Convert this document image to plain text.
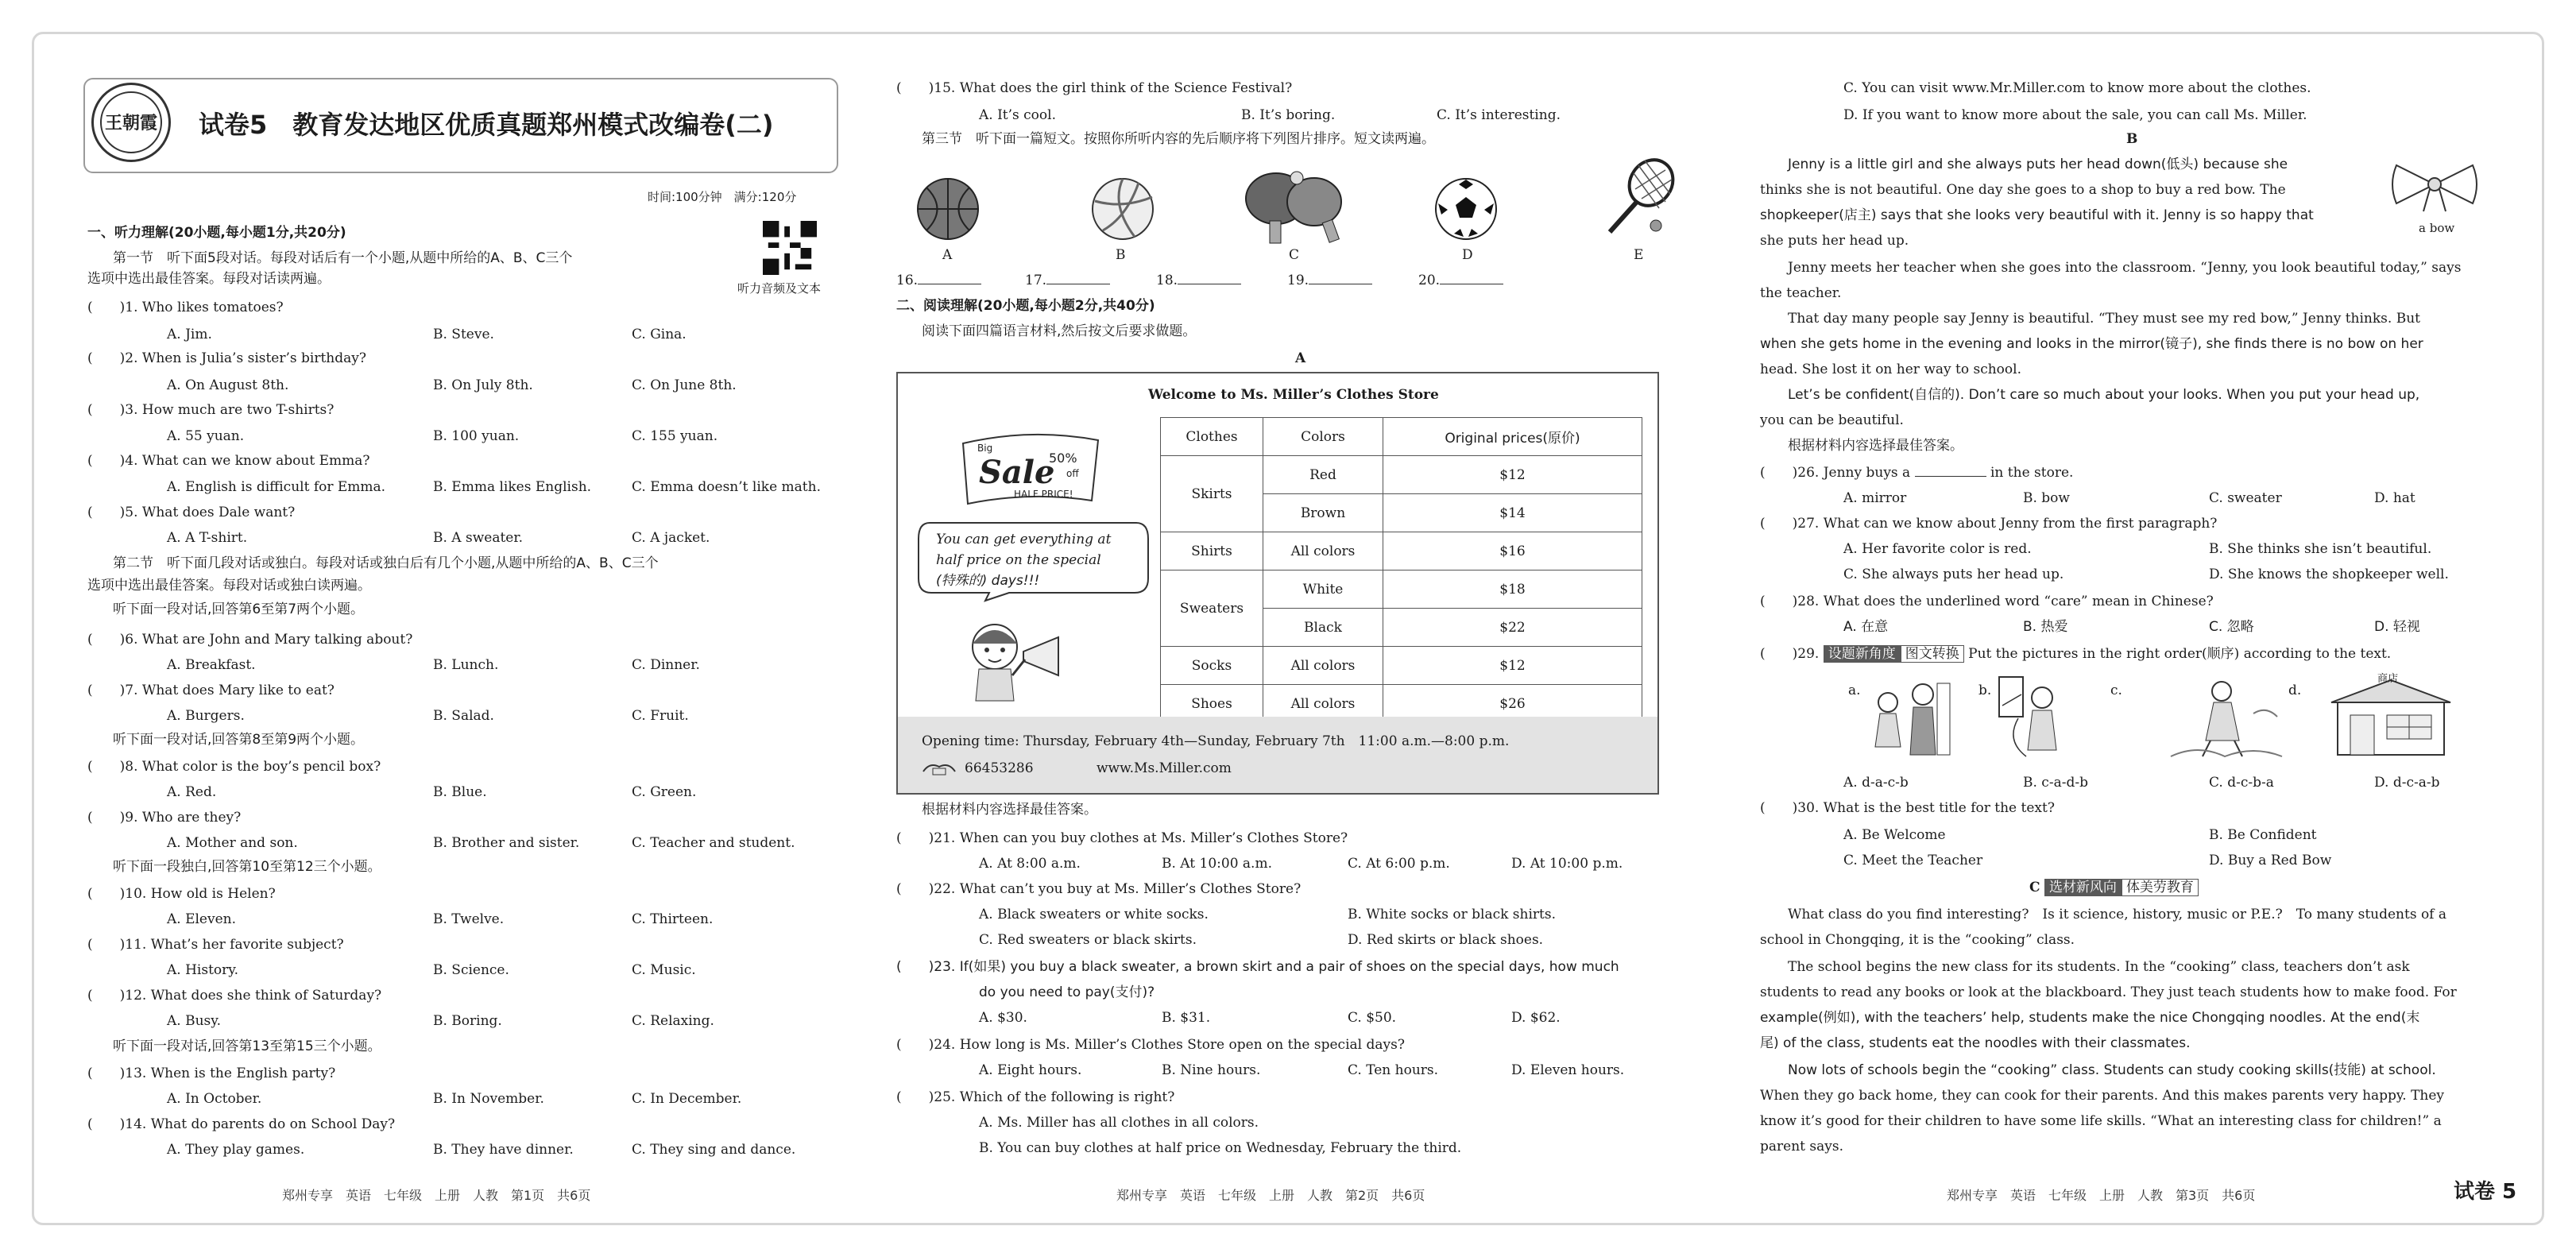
王朝霞 试卷5　教育发达地区优质真题郑州模式改编卷(二)
时间:100分钟　满分:120分
听力音频及文本
一、听力理解(20小题,每小题1分,共20分)
第一节　听下面5段对话。每段对话后有一个小题,从题中所给的A、B、C三个
选项中选出最佳答案。每段对话读两遍。
(　　)1. Who likes tomatoes?
A. Jim.	B. Steve.	C. Gina.
(　　)2. When is Julia’s sister’s birthday?
A. On August 8th.	B. On July 8th.	C. On June 8th.
(　　)3. How much are two T-shirts?
A. 55 yuan.	B. 100 yuan.	C. 155 yuan.
(　　)4. What can we know about Emma?
A. English is difficult for Emma.	B. Emma likes English.	C. Emma doesn’t like math.
(　　)5. What does Dale want?
A. A T-shirt.	B. A sweater.	C. A jacket.
第二节　听下面几段对话或独白。每段对话或独白后有几个小题,从题中所给的A、B、C三个
选项中选出最佳答案。每段对话或独白读两遍。
听下面一段对话,回答第6至第7两个小题。
(　　)6. What are John and Mary talking about?
A. Breakfast.	B. Lunch.	C. Dinner.
(　　)7. What does Mary like to eat?
A. Burgers.	B. Salad.	C. Fruit.
听下面一段对话,回答第8至第9两个小题。
(　　)8. What color is the boy’s pencil box?
A. Red.	B. Blue.	C. Green.
(　　)9. Who are they?
A. Mother and son.	B. Brother and sister.	C. Teacher and student.
听下面一段独白,回答第10至第12三个小题。
(　　)10. How old is Helen?
A. Eleven.	B. Twelve.	C. Thirteen.
(　　)11. What’s her favorite subject?
A. History.	B. Science.	C. Music.
(　　)12. What does she think of Saturday?
A. Busy.	B. Boring.	C. Relaxing.
听下面一段对话,回答第13至第15三个小题。
(　　)13. When is the English party?
A. In October.	B. In November.	C. In December.
(　　)14. What do parents do on School Day?
A. They play games.	B. They have dinner.	C. They sing and dance.
郑州专享　英语　七年级　上册　人教　第1页　共6页
(　　)15. What does the girl think of the Science Festival?
A. It’s cool.	B. It’s boring.	C. It’s interesting.
第三节　听下面一篇短文。按照你所听内容的先后顺序将下列图片排序。短文读两遍。
A	B	C	D	E
16.	17.	18.	19.	20.
二、阅读理解(20小题,每小题2分,共40分)
阅读下面四篇语言材料,然后按文后要求做题。
A
Welcome to Ms. Miller’s Clothes Store
Big
Sale
50%
off
HALF PRICE!
You can get everything at
half price on the special
(特殊的) days!!!
Clothes	Colors	Original prices(原价)
Skirts	Red	$12
	Brown	$14
Shirts	All colors	$16
Sweaters	White	$18
	Black	$22
Socks	All colors	$12
Shoes	All colors	$26
Opening time: Thursday, February 4th—Sunday, February 7th　11:00 a.m.—8:00 p.m.
66453286	www.Ms.Miller.com
根据材料内容选择最佳答案。
(　　)21. When can you buy clothes at Ms. Miller’s Clothes Store?
A. At 8:00 a.m.	B. At 10:00 a.m.	C. At 6:00 p.m.	D. At 10:00 p.m.
(　　)22. What can’t you buy at Ms. Miller’s Clothes Store?
A. Black sweaters or white socks.	B. White socks or black shirts.
C. Red sweaters or black skirts.	D. Red skirts or black shoes.
(　　)23. If(如果) you buy a black sweater, a brown skirt and a pair of shoes on the special days, how much
do you need to pay(支付)?
A. $30.	B. $31.	C. $50.	D. $62.
(　　)24. How long is Ms. Miller’s Clothes Store open on the special days?
A. Eight hours.	B. Nine hours.	C. Ten hours.	D. Eleven hours.
(　　)25. Which of the following is right?
A. Ms. Miller has all clothes in all colors.
B. You can buy clothes at half price on Wednesday, February the third.
郑州专享　英语　七年级　上册　人教　第2页　共6页
C. You can visit www.Mr.Miller.com to know more about the clothes.
D. If you want to know more about the sale, you can call Ms. Miller.
B
a bow
Jenny is a little girl and she always puts her head down(低头) because she
thinks she is not beautiful. One day she goes to a shop to buy a red bow. The
shopkeeper(店主) says that she looks very beautiful with it. Jenny is so happy that
she puts her head up.
Jenny meets her teacher when she goes into the classroom. “Jenny, you look beautiful today,” says
the teacher.
That day many people say Jenny is beautiful. “They must see my red bow,” Jenny thinks. But
when she gets home in the evening and looks in the mirror(镜子), she finds there is no bow on her
head. She lost it on her way to school.
Let’s be confident(自信的). Don’t care so much about your looks. When you put your head up,
you can be beautiful.
根据材料内容选择最佳答案。
(　　)26. Jenny buys a	in the store.
A. mirror	B. bow	C. sweater	D. hat
(　　)27. What can we know about Jenny from the first paragraph?
A. Her favorite color is red.	B. She thinks she isn’t beautiful.
C. She always puts her head up.	D. She knows the shopkeeper well.
(　　)28. What does the underlined word “care” mean in Chinese?
A. 在意	B. 热爱	C. 忽略	D. 轻视
(　　)29. 设题新角度 图文转换 Put the pictures in the right order(顺序) according to the text.
a.	b.	c.	d.
商店
A. d-a-c-b	B. c-a-d-b	C. d-c-b-a	D. d-c-a-b
(　　)30. What is the best title for the text?
A. Be Welcome	B. Be Confident
C. Meet the Teacher	D. Buy a Red Bow
C 选材新风向 体美劳教育
What class do you find interesting?　Is it science, history, music or P.E.?　To many students of a
school in Chongqing, it is the “cooking” class.
The school begins the new class for its students. In the “cooking” class, teachers don’t ask
students to read any books or look at the blackboard. They just teach students how to make food. For
example(例如), with the teachers’ help, students make the nice Chongqing noodles. At the end(末
尾) of the class, students eat the noodles with their classmates.
Now lots of schools begin the “cooking” class. Students can study cooking skills(技能) at school.
When they go back home, they can cook for their parents. And this makes parents very happy. They
know it’s good for their children to have some life skills. “What an interesting class for children!” a
parent says.
郑州专享　英语　七年级　上册　人教　第3页　共6页	试卷 5
